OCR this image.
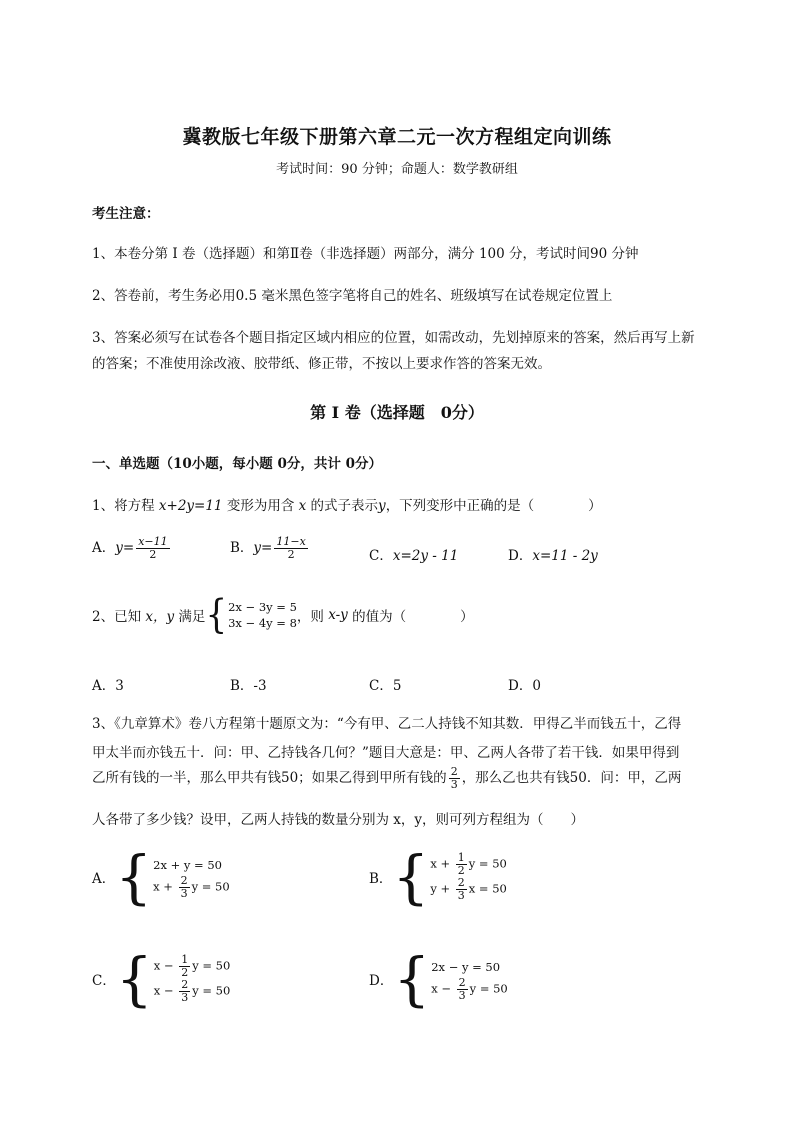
冀教版七年级下册第六章二元一次方程组定向训练
考试时间：90 分钟；命题人：数学教研组
考生注意：
1、本卷分第 I 卷（选择题）和第Ⅱ卷（非选择题）两部分，满分 100 分，考试时间90 分钟
2、答卷前，考生务必用0.5 毫米黑色签字笔将自己的姓名、班级填写在试卷规定位置上
3、答案必须写在试卷各个题目指定区域内相应的位置，如需改动，先划掉原来的答案，然后再写上新
的答案；不准使用涂改液、胶带纸、修正带，不按以上要求作答的答案无效。
第 I 卷（选择题　0分）
一、单选题（10小题，每小题 0分，共计 0分）
1、将方程 x+2y=11 变形为用含 x 的式子表示y，下列变形中正确的是（　　　　）
A．$y= \frac{x-11}{2}$	B．$y= \frac{11-x}{2}$	C．x=2y - 11	D．x=11 - 2y
2、已知 x，y 满足{ 2x − 3y = 5
3x − 4y = 8 ，则 x-y 的值为（　　　　）
A．3	B．-3	C．5	D．0
3、《九章算术》卷八方程第十题原文为：“今有甲、乙二人持钱不知其数．甲得乙半而钱五十，乙得
甲太半而亦钱五十．问：甲、乙持钱各几何？”题目大意是：甲、乙两人各带了若干钱．如果甲得到
乙所有钱的一半，那么甲共有钱50；如果乙得到甲所有钱的 $\frac{2}{3}$ ，那么乙也共有钱50．问：甲，乙两
人各带了多少钱？设甲，乙两人持钱的数量分别为 x，y，则可列方程组为（　　）
A．{ 2x + y = 50
$x + \frac{2}{3}$ y = 50	B．{ $x + \frac{1}{2}$ y = 50
$y + \frac{2}{3}$ x = 50
C．{ $x - \frac{1}{2}$ y = 50
$x - \frac{2}{3}$ y = 50
D．{ 2x − y = 50
$x - \frac{2}{3}$ y = 50
